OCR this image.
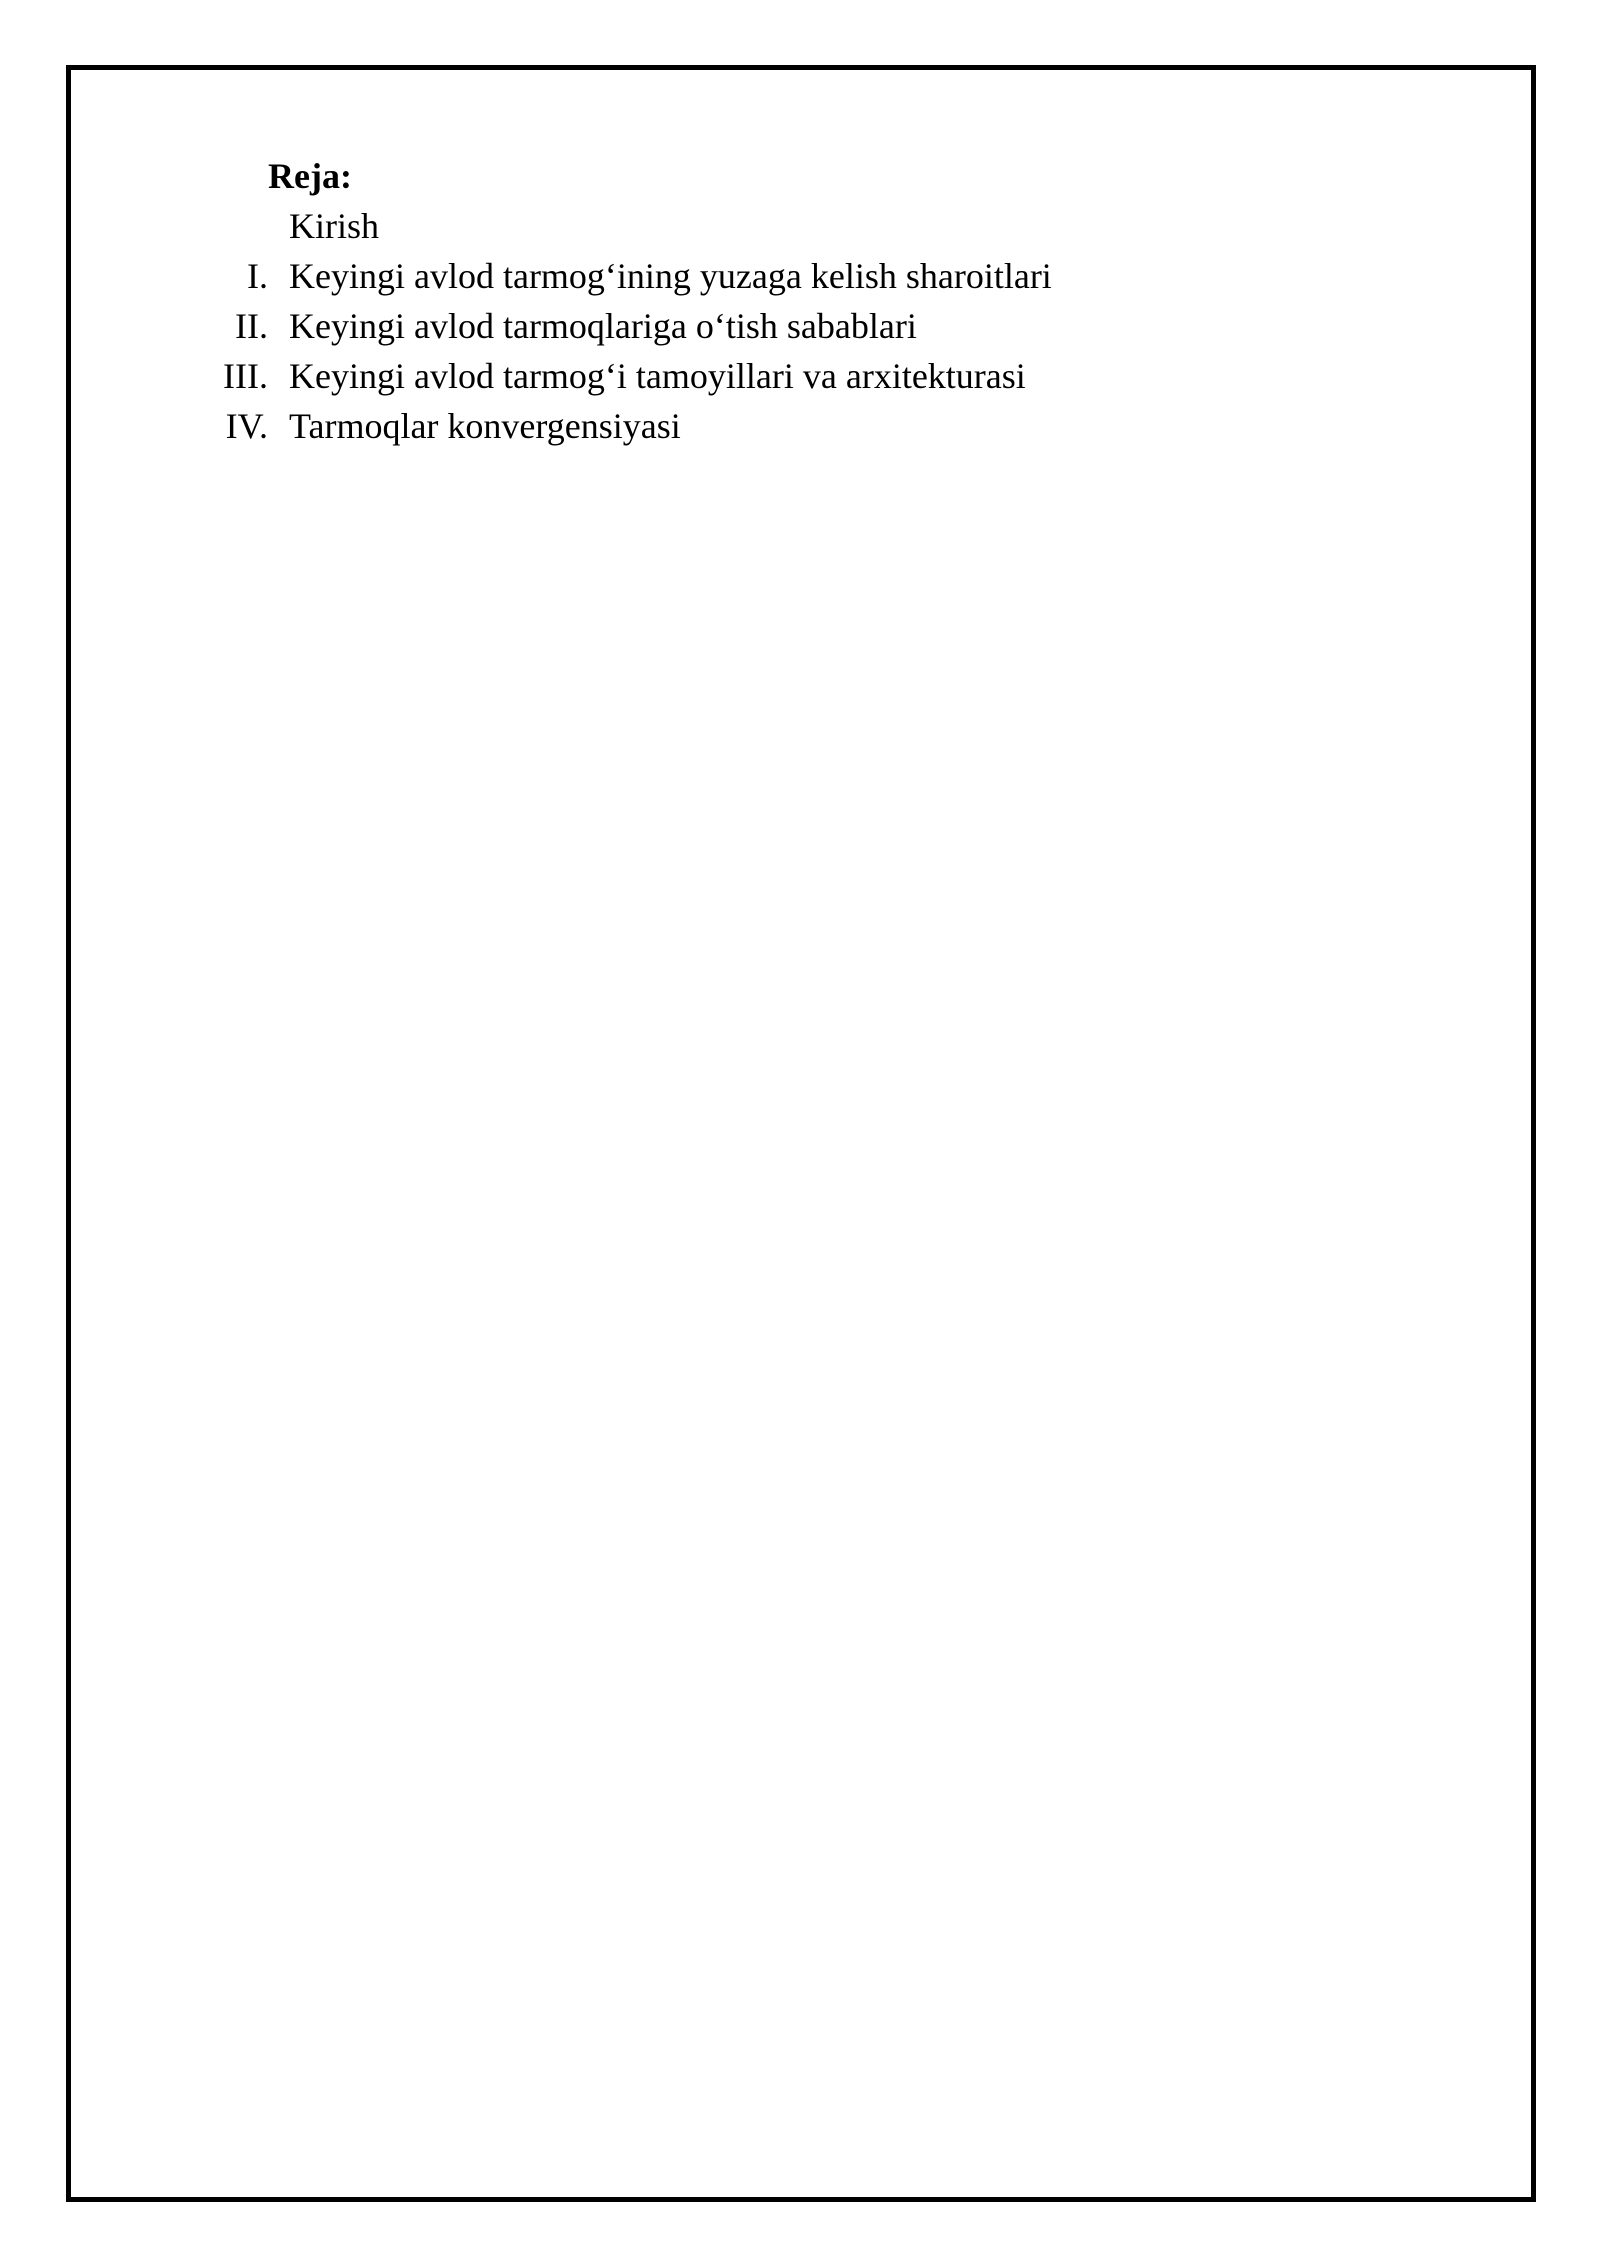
Reja:
Kirish
I. Keyingi avlod tarmog‘ining yuzaga kelish sharoitlari
II. Keyingi avlod tarmoqlariga o‘tish sabablari
III. Keyingi avlod tarmog‘i tamoyillari va arxitekturasi
IV. Tarmoqlar konvergensiyasi
